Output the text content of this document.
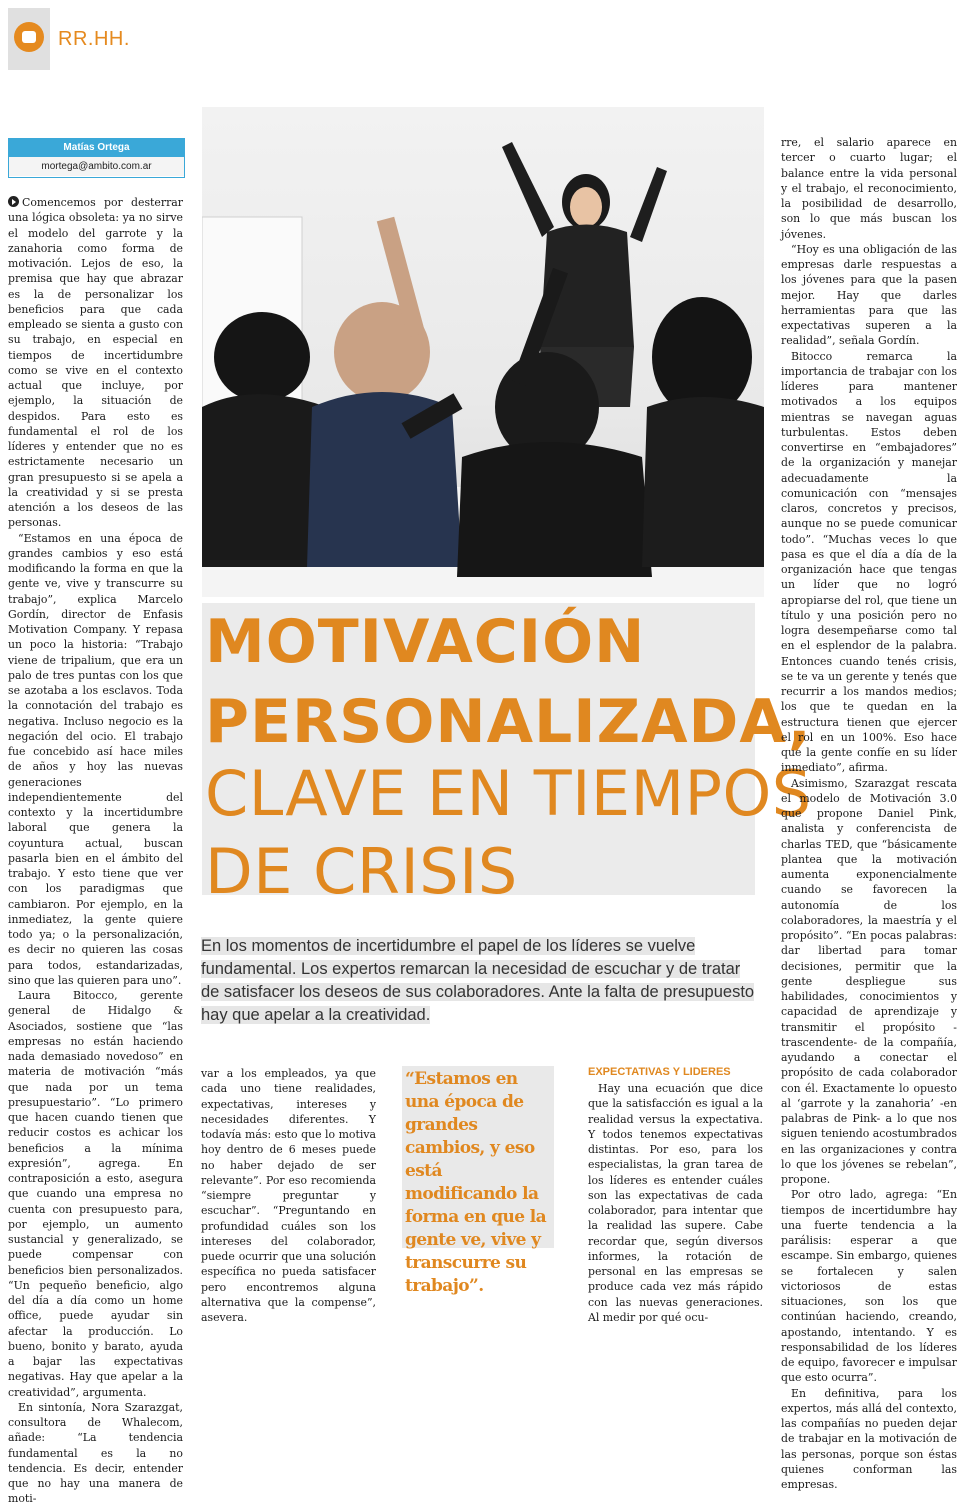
RR.HH.
Matías Ortega
mortega@ambito.com.ar

Comencemos por desterrar una lógica obsoleta: ya no sirve el modelo del garrote y la zanahoria como forma de motivación. Lejos de eso, la premisa que hay que abrazar es la de personalizar los beneficios para que cada empleado se sienta a gusto con su trabajo, en especial en tiempos de incertidumbre como se vive en el contexto actual que incluye, por ejemplo, la situación de despidos. Para esto es fundamental el rol de los líderes y entender que no es estrictamente necesario un gran presupuesto si se apela a la creatividad y si se presta atención a los deseos de las personas.

“Estamos en una época de grandes cambios y eso está modificando la forma en que la gente ve, vive y transcurre su trabajo”, explica Marcelo Gordín, director de Enfasis Motivation Company. Y repasa un poco la historia: “Trabajo viene de tripalium, que era un palo de tres puntas con los que se azotaba a los esclavos. Toda la connotación del trabajo es negativa. Incluso negocio es la negación del ocio. El trabajo fue concebido así hace miles de años y hoy las nuevas generaciones independientemente del contexto y la incertidumbre laboral que genera la coyuntura actual, buscan pasarla bien en el ámbito del trabajo. Y esto tiene que ver con los paradigmas que cambiaron. Por ejemplo, en la inmediatez, la gente quiere todo ya; o la personalización, es decir no quieren las cosas para todos, estandarizadas, sino que las quieren para uno”.

Laura Bitocco, gerente general de Hidalgo & Asociados, sostiene que “las empresas no están haciendo nada demasiado novedoso” en materia de motivación “más que nada por un tema presupuestario”. “Lo primero que hacen cuando tienen que reducir costos es achicar los beneficios a la mínima expresión”, agrega. En contraposición a esto, asegura que cuando una empresa no cuenta con presupuesto para, por ejemplo, un aumento sustancial y generalizado, se puede compensar con beneficios bien personalizados. “Un pequeño beneficio, algo del día a día como un home office, puede ayudar sin afectar la producción. Lo bueno, bonito y barato, ayuda a bajar las expectativas negativas. Hay que apelar a la creatividad”, argumenta.

En sintonía, Nora Szarazgat, consultora de Whalecom, añade: “La tendencia fundamental es la no tendencia. Es decir, entender que no hay una manera de moti-

MOTIVACIÓN
PERSONALIZADA,
CLAVE EN TIEMPOS
DE CRISIS
En los momentos de incertidumbre el papel de los líderes se vuelve fundamental. Los expertos remarcan la necesidad de escuchar y de tratar de satisfacer los deseos de sus colaboradores. Ante la falta de presupuesto hay que apelar a la creatividad.

var a los empleados, ya que cada uno tiene realidades, expectativas, intereses y necesidades diferentes. Y todavía más: esto que lo motiva hoy dentro de 6 meses puede no haber dejado de ser relevante”. Por eso recomienda “siempre preguntar y escuchar”. “Preguntando en profundidad cuáles son los intereses del colaborador, puede ocurrir que una solución específica no pueda satisfacer pero encontremos alguna alternativa que la compense”, asevera.

“Estamos en una época de grandes cambios, y eso está modificando la forma en que la gente ve, vive y transcurre su trabajo”.
EXPECTATIVAS Y LIDERES

Hay una ecuación que dice que la satisfacción es igual a la realidad versus la expectativa. Y todos tenemos expectativas distintas. Por eso, para los especialistas, la gran tarea de los líderes es entender cuáles son las expectativas de cada colaborador, para intentar que la realidad las supere. Cabe recordar que, según diversos informes, la rotación de personal en las empresas se produce cada vez más rápido con las nuevas generaciones. Al medir por qué ocu-

rre, el salario aparece en tercer o cuarto lugar; el balance entre la vida personal y el trabajo, el reconocimiento, la posibilidad de desarrollo, son lo que más buscan los jóvenes.

“Hoy es una obligación de las empresas darle respuestas a los jóvenes para que la pasen mejor. Hay que darles herramientas para que las expectativas superen a la realidad”, señala Gordín.

Bitocco remarca la importancia de trabajar con los líderes para mantener motivados a los equipos mientras se navegan aguas turbulentas. Estos deben convertirse en “embajadores” de la organización y manejar adecuadamente la comunicación con “mensajes claros, concretos y precisos, aunque no se puede comunicar todo”. “Muchas veces lo que pasa es que el día a día de la organización hace que tengas un líder que no logró apropiarse del rol, que tiene un título y una posición pero no logra desempeñarse como tal en el esplendor de la palabra. Entonces cuando tenés crisis, se te va un gerente y tenés que recurrir a los mandos medios; los que te quedan en la estructura tienen que ejercer el rol en un 100%. Eso hace que la gente confíe en su líder inmediato”, afirma.

Asimismo, Szarazgat rescata el modelo de Motivación 3.0 que propone Daniel Pink, analista y conferencista de charlas TED, que “básicamente plantea que la motivación aumenta exponencialmente cuando se favorecen la autonomía de los colaboradores, la maestría y el propósito”. “En pocas palabras: dar libertad para tomar decisiones, permitir que la gente despliegue sus habilidades, conocimientos y capacidad de aprendizaje y transmitir el propósito -trascendente- de la compañía, ayudando a conectar el propósito de cada colaborador con él. Exactamente lo opuesto al ‘garrote y la zanahoria’ -en palabras de Pink- a lo que nos siguen teniendo acostumbrados en las organizaciones y contra lo que los jóvenes se rebelan”, propone.

Por otro lado, agrega: “En tiempos de incertidumbre hay una fuerte tendencia a la parálisis: esperar a que escampe. Sin embargo, quienes se fortalecen y salen victoriosos de estas situaciones, son los que continúan haciendo, creando, apostando, intentando. Y es responsabilidad de los líderes de equipo, favorecer e impulsar que esto ocurra”.

En definitiva, para los expertos, más allá del contexto, las compañías no pueden dejar de trabajar en la motivación de las personas, porque son éstas quienes conforman las empresas.
